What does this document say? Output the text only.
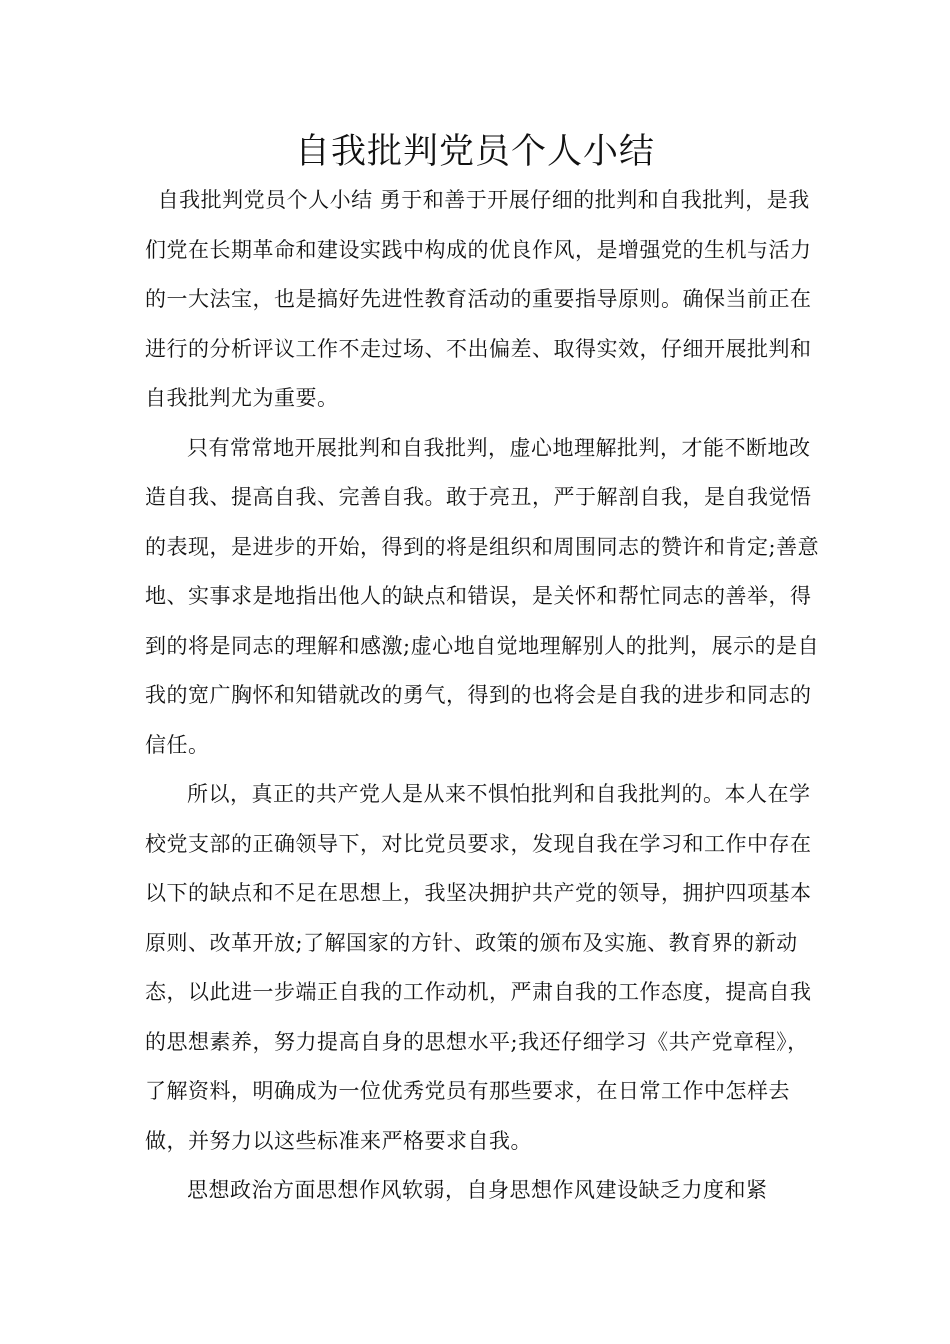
自我批判党员个人小结

自我批判党员个人小结 勇于和善于开展仔细的批判和自我批判，是我们党在长期革命和建设实践中构成的优良作风，是增强党的生机与活力的一大法宝，也是搞好先进性教育活动的重要指导原则。确保当前正在进行的分析评议工作不走过场、不出偏差、取得实效，仔细开展批判和自我批判尤为重要。

只有常常地开展批判和自我批判，虚心地理解批判，才能不断地改造自我、提高自我、完善自我。敢于亮丑，严于解剖自我，是自我觉悟的表现，是进步的开始，得到的将是组织和周围同志的赞许和肯定;善意地、实事求是地指出他人的缺点和错误，是关怀和帮忙同志的善举，得到的将是同志的理解和感激;虚心地自觉地理解别人的批判，展示的是自我的宽广胸怀和知错就改的勇气，得到的也将会是自我的进步和同志的信任。

所以，真正的共产党人是从来不惧怕批判和自我批判的。本人在学校党支部的正确领导下，对比党员要求，发现自我在学习和工作中存在以下的缺点和不足在思想上，我坚决拥护共产党的领导，拥护四项基本原则、改革开放;了解国家的方针、政策的颁布及实施、教育界的新动态，以此进一步端正自我的工作动机，严肃自我的工作态度，提高自我的思想素养，努力提高自身的思想水平;我还仔细学习《共产党章程》，了解资料，明确成为一位优秀党员有那些要求，在日常工作中怎样去做，并努力以这些标准来严格要求自我。

思想政治方面思想作风软弱，自身思想作风建设缺乏力度和紧
